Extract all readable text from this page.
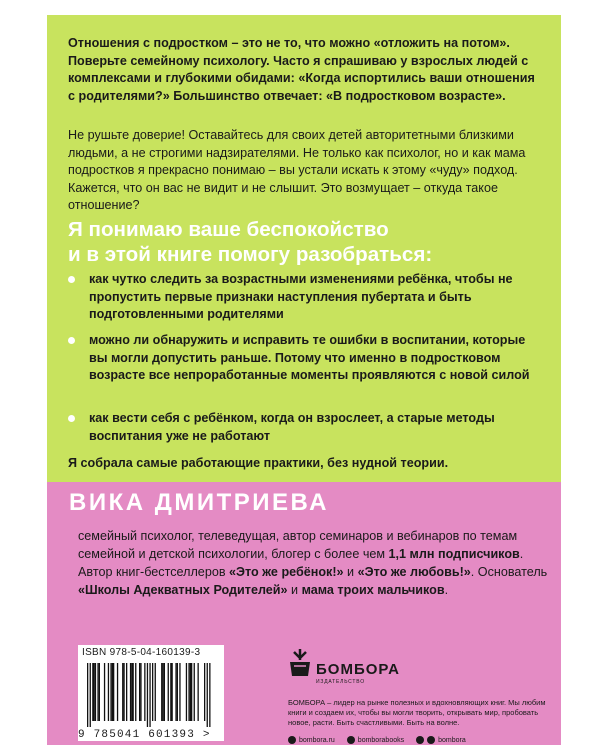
Отношения с подростком – это не то, что можно «отложить на потом». Поверьте семейному психологу. Часто я спрашиваю у взрослых людей с комплексами и глубокими обидами: «Когда испортились ваши отношения с родителями?» Большинство отвечает: «В подростковом возрасте».

Не рушьте доверие! Оставайтесь для своих детей авторитетными близкими людьми, а не строгими надзирателями. Не только как психолог, но и как мама подростков я прекрасно понимаю – вы устали искать к этому «чуду» подход. Кажется, что он вас не видит и не слышит. Это возмущает – откуда такое отношение?

Я понимаю ваше беспокойство

и в этой книге помогу разобраться:

как чутко следить за возрастными изменениями ребёнка, чтобы не пропустить первые признаки наступления пубертата и быть подготовленными родителями

можно ли обнаружить и исправить те ошибки в воспитании, которые вы могли допустить раньше. Потому что именно в подростковом возрасте все непроработанные моменты проявляются с новой силой

как вести себя с ребёнком, когда он взрослеет, а старые методы воспитания уже не работают

Я собрала самые работающие практики, без нудной теории.

ВИКА ДМИТРИЕВА

семейный психолог, телеведущая, автор семинаров и вебинаров по темам семейной и детской психологии, блогер с более чем 1,1 млн подписчиков. Автор книг-бестселлеров «Это же ребёнок!» и «Это же любовь!». Основатель «Школы Адекватных Родителей» и мама троих мальчиков.

ISBN 978-5-04-160139-3
9 785041 601393 >

БОМБОРА

ИЗДАТЕЛЬСТВО

БОМБОРА – лидер на рынке полезных и вдохновляющих книг. Мы любим книги и создаем их, чтобы вы могли творить, открывать мир, пробовать новое, расти. Быть счастливыми. Быть на волне.

bombora.ru	bomborabooks	bombora
